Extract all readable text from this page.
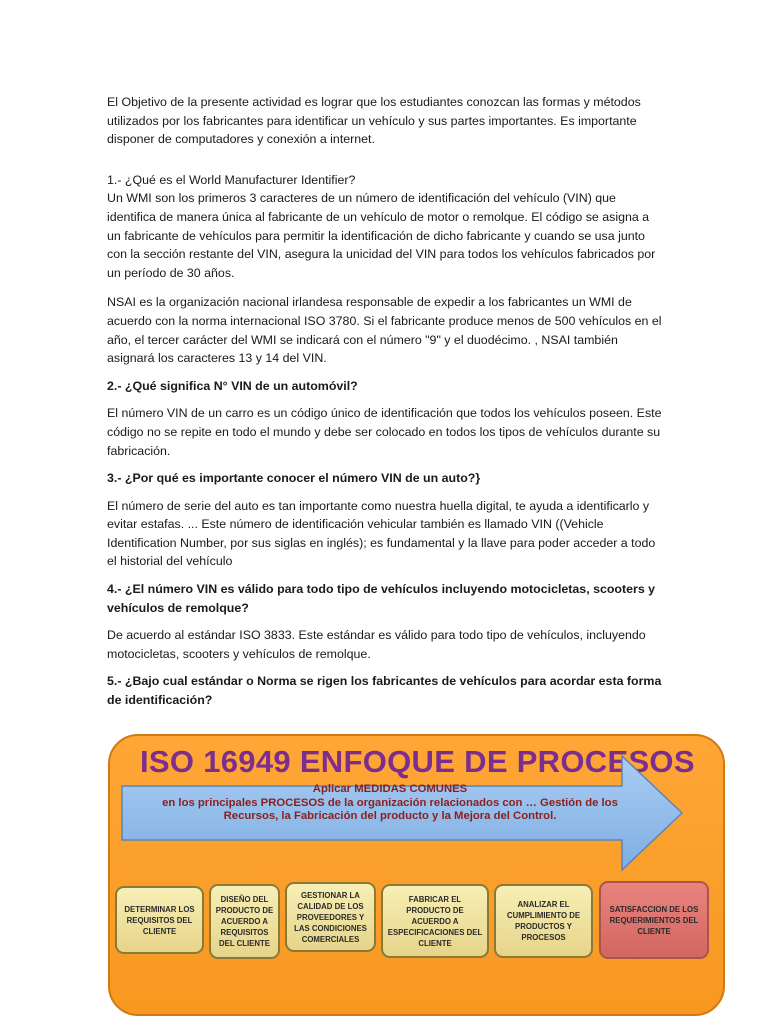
El Objetivo de la presente actividad es lograr que los estudiantes conozcan las formas y métodos utilizados por los fabricantes para identificar un vehículo y sus partes importantes. Es importante disponer de computadores y conexión a internet.

1.- ¿Qué es el World Manufacturer Identifier?

Un WMI son los primeros 3 caracteres de un número de identificación del vehículo (VIN) que identifica de manera única al fabricante de un vehículo de motor o remolque. El código se asigna a un fabricante de vehículos para permitir la identificación de dicho fabricante y cuando se usa junto con la sección restante del VIN, asegura la unicidad del VIN para todos los vehículos fabricados por un período de 30 años.

NSAI es la organización nacional irlandesa responsable de expedir a los fabricantes un WMI de acuerdo con la norma internacional ISO 3780. Si el fabricante produce menos de 500 vehículos en el año, el tercer carácter del WMI se indicará con el número "9" y el duodécimo. , NSAI también asignará los caracteres 13 y 14 del VIN.

2.- ¿Qué significa N° VIN de un automóvil?

El número VIN de un carro es un código único de identificación que todos los vehículos poseen. Este código no se repite en todo el mundo y debe ser colocado en todos los tipos de vehículos durante su fabricación.

3.- ¿Por qué es importante conocer el número VIN de un auto?}

El número de serie del auto es tan importante como nuestra huella digital, te ayuda a identificarlo y evitar estafas. ... Este número de identificación vehicular también es llamado VIN ((Vehicle Identification Number, por sus siglas en inglés); es fundamental y la llave para poder acceder a todo el historial del vehículo

4.- ¿El número VIN es válido para todo tipo de vehículos incluyendo motocicletas, scooters y vehículos de remolque?

De acuerdo al estándar ISO 3833. Este estándar es válido para todo tipo de vehículos, incluyendo motocicletas, scooters y vehículos de remolque.

5.- ¿Bajo cual estándar o Norma se rigen los fabricantes de vehículos para acordar esta forma de identificación?

ISO 16949 ENFOQUE DE PROCESOS
Aplicar MEDIDAS COMUNES
en los principales PROCESOS de la organización relacionados con … Gestión de los
Recursos, la Fabricación del producto y la Mejora del Control.
DETERMINAR LOS REQUISITOS DEL CLIENTE
DISEÑO DEL PRODUCTO DE ACUERDO A REQUISITOS DEL CLIENTE
GESTIONAR LA CALIDAD DE LOS PROVEEDORES Y LAS CONDICIONES COMERCIALES
FABRICAR EL PRODUCTO DE ACUERDO A ESPECIFICACIONES DEL CLIENTE
ANALIZAR EL CUMPLIMIENTO DE PRODUCTOS Y PROCESOS
SATISFACCION DE LOS REQUERIMIENTOS DEL CLIENTE
